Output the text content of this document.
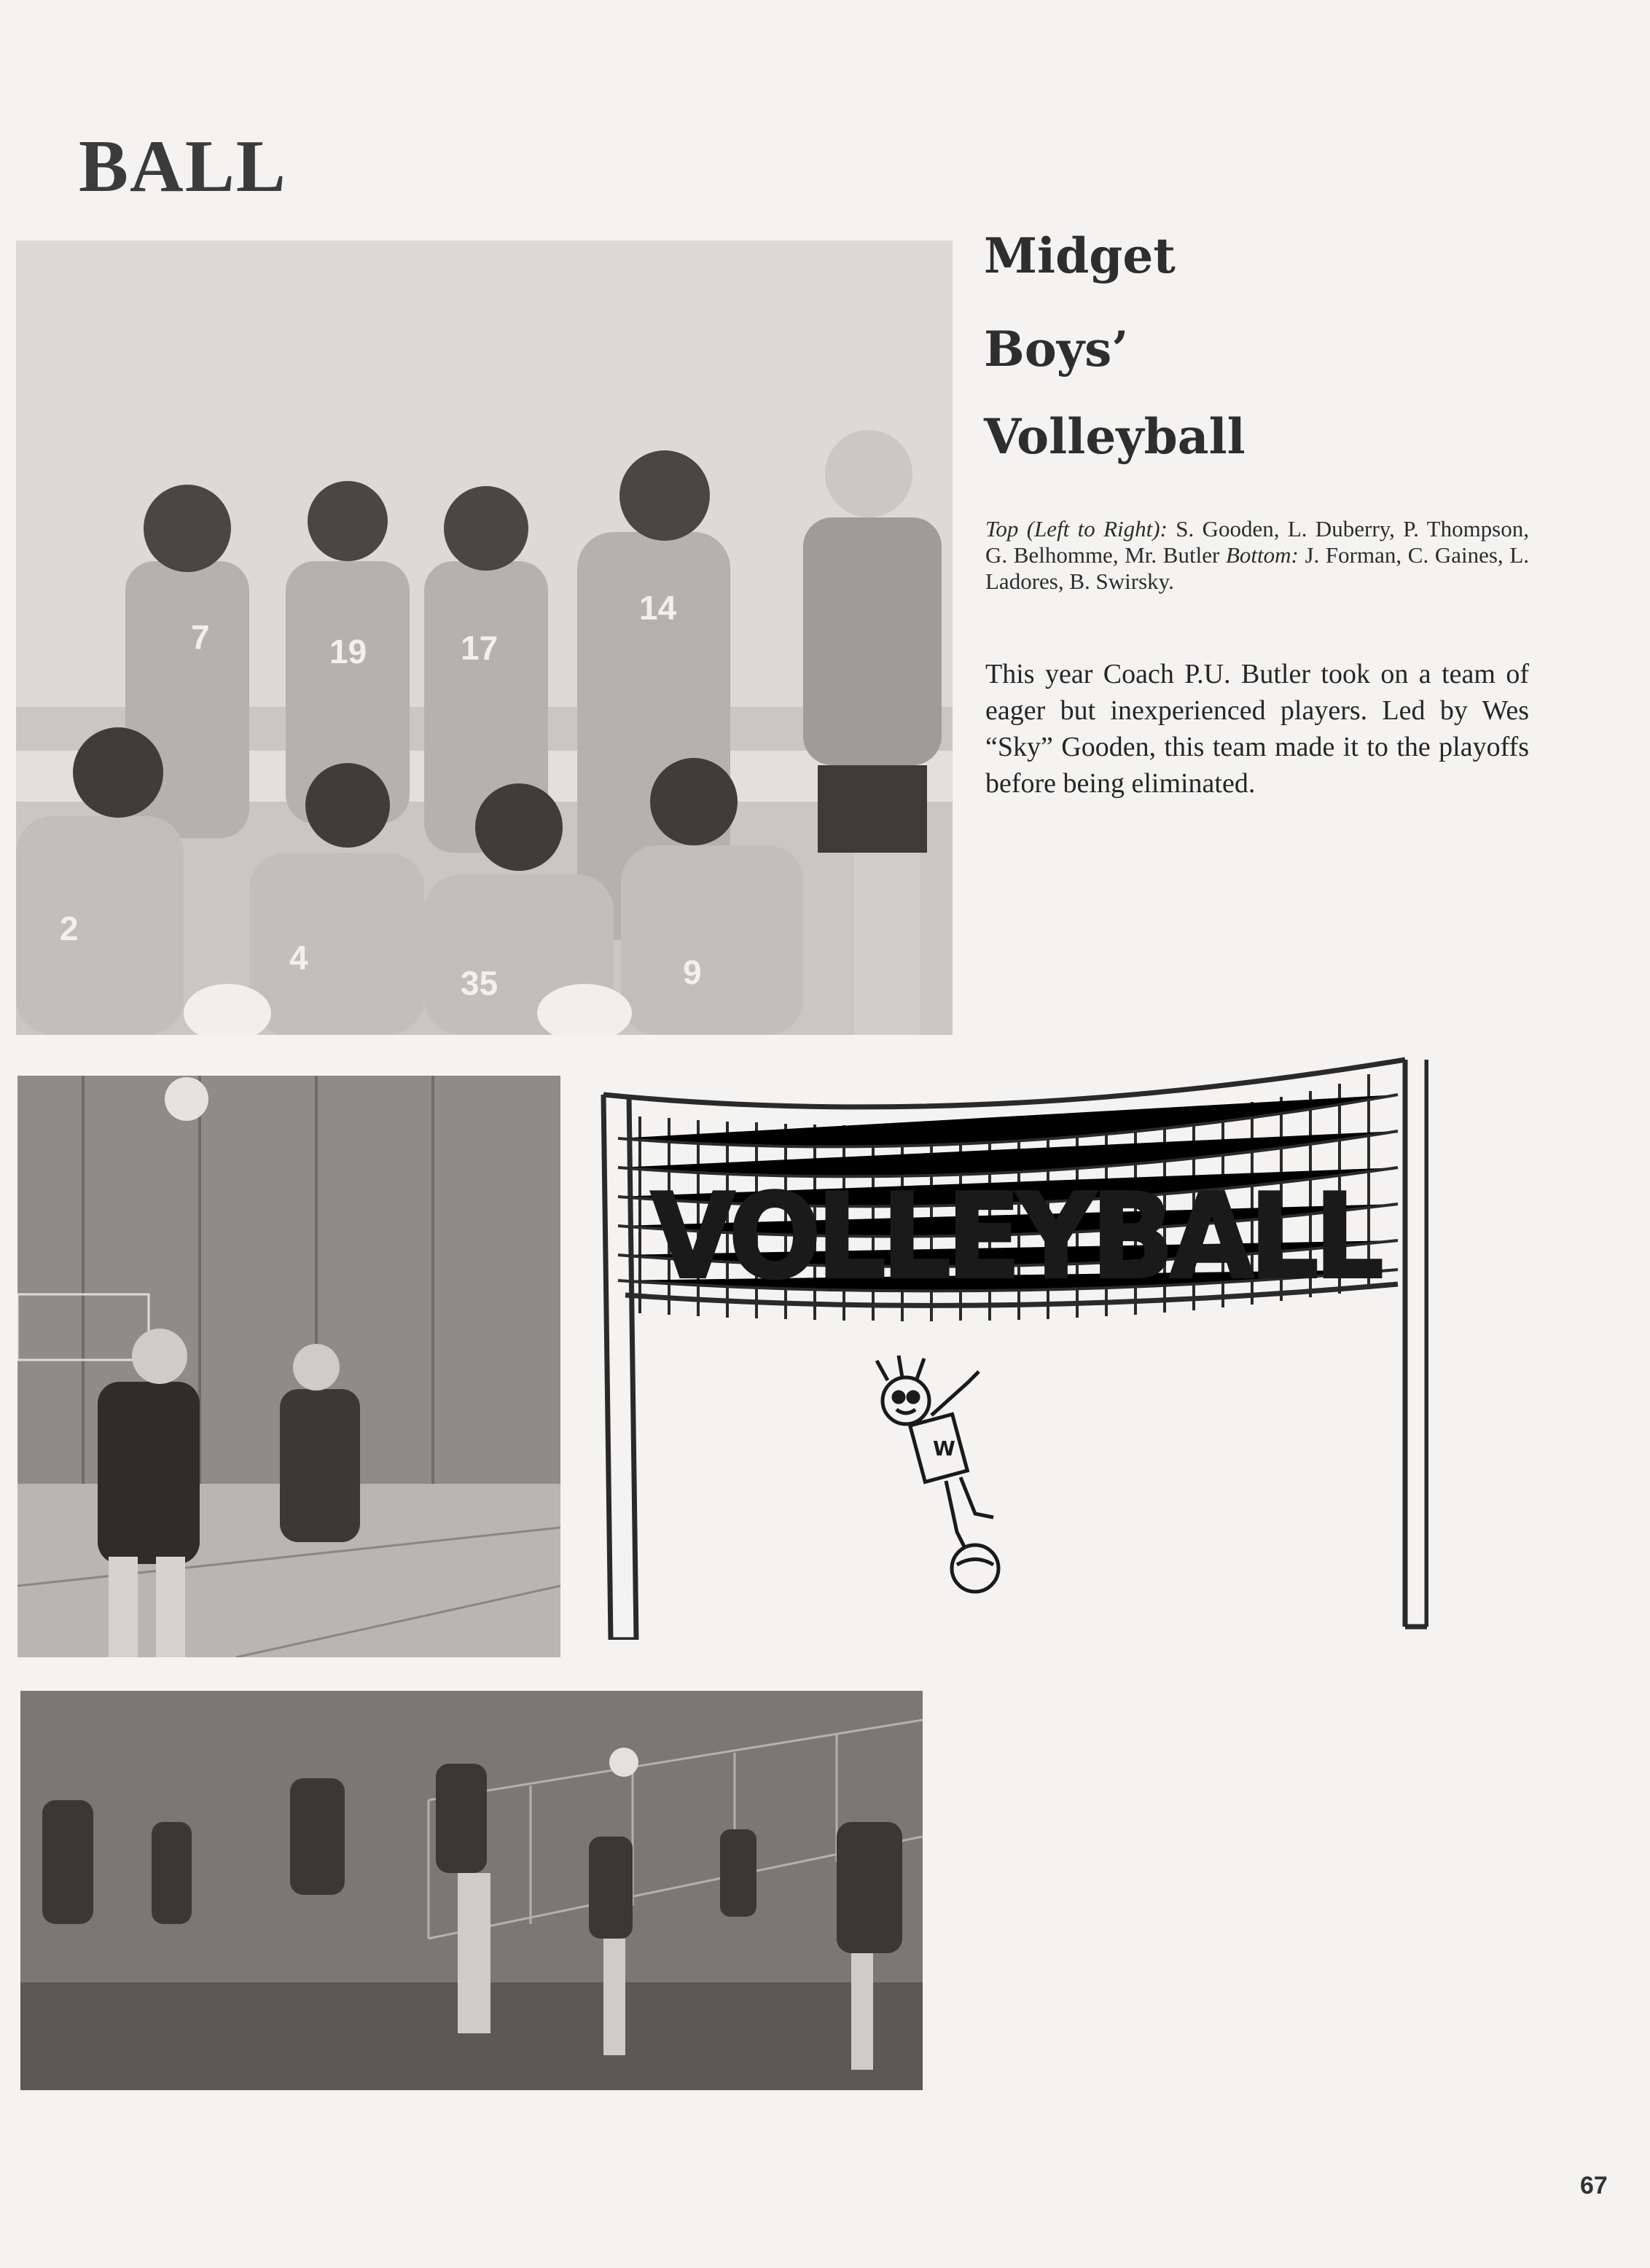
BALL
7	19	17
14
2
4
35	9
Midget
Boys’
Volleyball
Top (Left to Right): S. Gooden, L. Duberry, P. Thompson, G. Belhomme, Mr. Butler Bottom: J. Forman, C. Gaines, L. Ladores, B. Swirsky.
This year Coach P.U. Butler took on a team of eager but inexperienced players. Led by Wes “Sky” Gooden, this team made it to the playoffs before being eliminated.
VOLLEYBALL
W
67
